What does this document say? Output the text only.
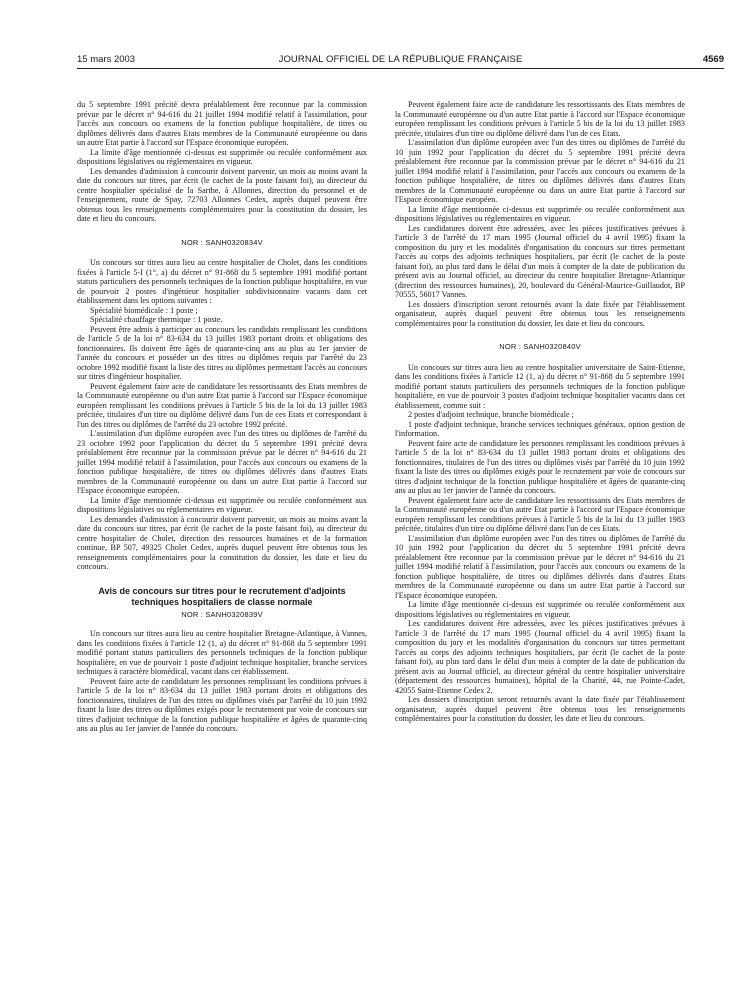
15 mars 2003	JOURNAL OFFICIEL DE LA RÉPUBLIQUE FRANÇAISE	4569

du 5 septembre 1991 précité devra préalablement être reconnue par la commission prévue par le décret n° 94-616 du 21 juillet 1994 modifié relatif à l'assimilation, pour l'accès aux concours ou examens de la fonction publique hospitalière, de titres ou diplômes délivrés dans d'autres Etats membres de la Communauté européenne ou dans un autre Etat partie à l'accord sur l'Espace économique européen.

La limite d'âge mentionnée ci-dessus est supprimée ou reculée conformément aux dispositions législatives ou réglementaires en vigueur.

Les demandes d'admission à concourir doivent parvenir, un mois au moins avant la date du concours sur titres, par écrit (le cachet de la poste faisant foi), au directeur du centre hospitalier spécialisé de la Sarthe, à Allonnes, direction du personnel et de l'enseignement, route de Spay, 72703 Allonnes Cedex, auprès duquel peuvent être obtenus tous les renseignements complémentaires pour la constitution du dossier, les date et lieu du concours.

NOR : SANH0320834V

Un concours sur titres aura lieu au centre hospitalier de Cholet, dans les conditions fixées à l'article 5-I (1°, a) du décret n° 91-868 du 5 septembre 1991 modifié portant statuts particuliers des personnels techniques de la fonction publique hospitalière, en vue de pourvoir 2 postes d'ingénieur hospitalier subdivisionnaire vacants dans cet établissement dans les options suivantes :

Spécialité biomédicale : 1 poste ;

Spécialité chauffage thermique : 1 poste.

Peuvent être admis à participer au concours les candidats remplissant les conditions de l'article 5 de la loi n° 83-634 du 13 juillet 1983 portant droits et obligations des fonctionnaires. Ils doivent être âgés de quarante-cinq ans au plus au 1er janvier de l'année du concours et posséder un des titres ou diplômes requis par l'arrêté du 23 octobre 1992 modifié fixant la liste des titres ou diplômes permettant l'accès au concours sur titres d'ingénieur hospitalier.

Peuvent également faire acte de candidature les ressortissants des Etats membres de la Communauté européenne ou d'un autre Etat partie à l'accord sur l'Espace économique européen remplissant les conditions prévues à l'article 5 bis de la loi du 13 juillet 1983 précitée, titulaires d'un titre ou diplôme délivré dans l'un de ces Etats et correspondant à l'un des titres ou diplômes de l'arrêté du 23 octobre 1992 précité.

L'assimilation d'un diplôme européen avec l'un des titres ou diplômes de l'arrêté du 23 octobre 1992 pour l'application du décret du 5 septembre 1991 précité devra préalablement être reconnue par la commission prévue par le décret n° 94-616 du 21 juillet 1994 modifié relatif à l'assimilation, pour l'accès aux concours ou examens de la fonction publique hospitalière, de titres ou diplômes délivrés dans d'autres Etats membres de la Communauté européenne ou dans un autre Etat partie à l'accord sur l'Espace économique européen.

La limite d'âge mentionnée ci-dessus est supprimée ou reculée conformément aux dispositions législatives ou réglementaires en vigueur.

Les demandes d'admission à concourir doivent parvenir, un mois au moins avant la date du concours sur titres, par écrit (le cachet de la poste faisant foi), au directeur du centre hospitalier de Cholet, direction des ressources humaines et de la formation continue, BP 507, 49325 Cholet Cedex, auprès duquel peuvent être obtenus tous les renseignements complémentaires pour la constitution du dossier, les date et lieu du concours.

Avis de concours sur titres pour le recrutement d'adjoints techniques hospitaliers de classe normale
NOR : SANH0320839V

Un concours sur titres aura lieu au centre hospitalier Bretagne-Atlantique, à Vannes, dans les conditions fixées à l'article 12 (1, a) du décret n° 91-868 du 5 septembre 1991 modifié portant statuts particuliers des personnels techniques de la fonction publique hospitalière, en vue de pourvoir 1 poste d'adjoint technique hospitalier, branche services techniques à caractère biomédical, vacant dans cet établissement.

Peuvent faire acte de candidature les personnes remplissant les conditions prévues à l'article 5 de la loi n° 83-634 du 13 juillet 1983 portant droits et obligations des fonctionnaires, titulaires de l'un des titres ou diplômes visés par l'arrêté du 10 juin 1992 fixant la liste des titres ou diplômes exigés pour le recrutement par voie de concours sur titres d'adjoint technique de la fonction publique hospitalière et âgées de quarante-cinq ans au plus au 1er janvier de l'année du concours.

Peuvent également faire acte de candidature les ressortissants des Etats membres de la Communauté européenne ou d'un autre Etat partie à l'accord sur l'Espace économique européen remplissant les conditions prévues à l'article 5 bis de la loi du 13 juillet 1983 précitée, titulaires d'un titre ou diplôme délivré dans l'un de ces Etats.

L'assimilation d'un diplôme européen avec l'un des titres ou diplômes de l'arrêté du 10 juin 1992 pour l'application du décret du 5 septembre 1991 précité devra préalablement être reconnue par la commission prévue par le décret n° 94-616 du 21 juillet 1994 modifié relatif à l'assimilation, pour l'accès aux concours ou examens de la fonction publique hospitalière, de titres ou diplômes délivrés dans d'autres Etats membres de la Communauté européenne ou dans un autre Etat partie à l'accord sur l'Espace économique européen.

La limite d'âge mentionnée ci-dessus est supprimée ou reculée conformément aux dispositions législatives ou réglementaires en vigueur.

Les candidatures doivent être adressées, avec les pièces justificatives prévues à l'article 3 de l'arrêté du 17 mars 1995 (Journal officiel du 4 avril 1995) fixant la composition du jury et les modalités d'organisation du concours sur titres permettant l'accès au corps des adjoints techniques hospitaliers, par écrit (le cachet de la poste faisant foi), au plus tard dans le délai d'un mois à compter de la date de publication du présent avis au Journal officiel, au directeur du centre hospitalier Bretagne-Atlantique (direction des ressources humaines), 20, boulevard du Général-Maurice-Guillaudot, BP 70555, 56017 Vannes.

Les dossiers d'inscription seront retournés avant la date fixée par l'établissement organisateur, auprès duquel peuvent être obtenus tous les renseignements complémentaires pour la constitution du dossier, les date et lieu du concours.

NOR : SANH0320840V

Un concours sur titres aura lieu au centre hospitalier universitaire de Saint-Etienne, dans les conditions fixées à l'article 12 (1, a) du décret n° 91-868 du 5 septembre 1991 modifié portant statuts particuliers des personnels techniques de la fonction publique hospitalière, en vue de pourvoir 3 postes d'adjoint technique hospitalier vacants dans cet établissement, comme suit :

2 postes d'adjoint technique, branche biomédicale ;

1 poste d'adjoint technique, branche services techniques généraux, option gestion de l'information.

Peuvent faire acte de candidature les personnes remplissant les conditions prévues à l'article 5 de la loi n° 83-634 du 13 juillet 1983 portant droits et obligations des fonctionnaires, titulaires de l'un des titres ou diplômes visés par l'arrêté du 10 juin 1992 fixant la liste des titres ou diplômes exigés pour le recrutement par voie de concours sur titres d'adjoint technique de la fonction publique hospitalière et âgées de quarante-cinq ans au plus au 1er janvier de l'année du concours.

Peuvent également faire acte de candidature les ressortissants des Etats membres de la Communauté européenne ou d'un autre Etat partie à l'accord sur l'Espace économique européen remplissant les conditions prévues à l'article 5 bis de la loi du 13 juillet 1983 précitée, titulaires d'un titre ou diplôme délivré dans l'un de ces Etats.

L'assimilation d'un diplôme européen avec l'un des titres ou diplômes de l'arrêté du 10 juin 1992 pour l'application du décret du 5 septembre 1991 précité devra préalablement être reconnue par la commission prévue par le décret n° 94-616 du 21 juillet 1994 modifié relatif à l'assimilation, pour l'accès aux concours ou examens de la fonction publique hospitalière, de titres ou diplômes délivrés dans d'autres Etats membres de la Communauté européenne ou dans un autre Etat partie à l'accord sur l'Espace économique européen.

La limite d'âge mentionnée ci-dessus est supprimée ou reculée conformément aux dispositions législatives ou réglementaires en vigueur.

Les candidatures doivent être adressées, avec les pièces justificatives prévues à l'article 3 de l'arrêté du 17 mars 1995 (Journal officiel du 4 avril 1995) fixant la composition du jury et les modalités d'organisation du concours sur titres permettant l'accès au corps des adjoints techniques hospitaliers, par écrit (le cachet de la poste faisant foi), au plus tard dans le délai d'un mois à compter de la date de publication du présent avis au Journal officiel, au directeur général du centre hospitalier universitaire (département des ressources humaines), hôpital de la Charité, 44, rue Pointe-Cadet, 42055 Saint-Etienne Cedex 2.

Les dossiers d'inscription seront retournés avant la date fixée par l'établissement organisateur, auprès duquel peuvent être obtenus tous les renseignements complémentaires pour la constitution du dossier, les date et lieu du concours.
